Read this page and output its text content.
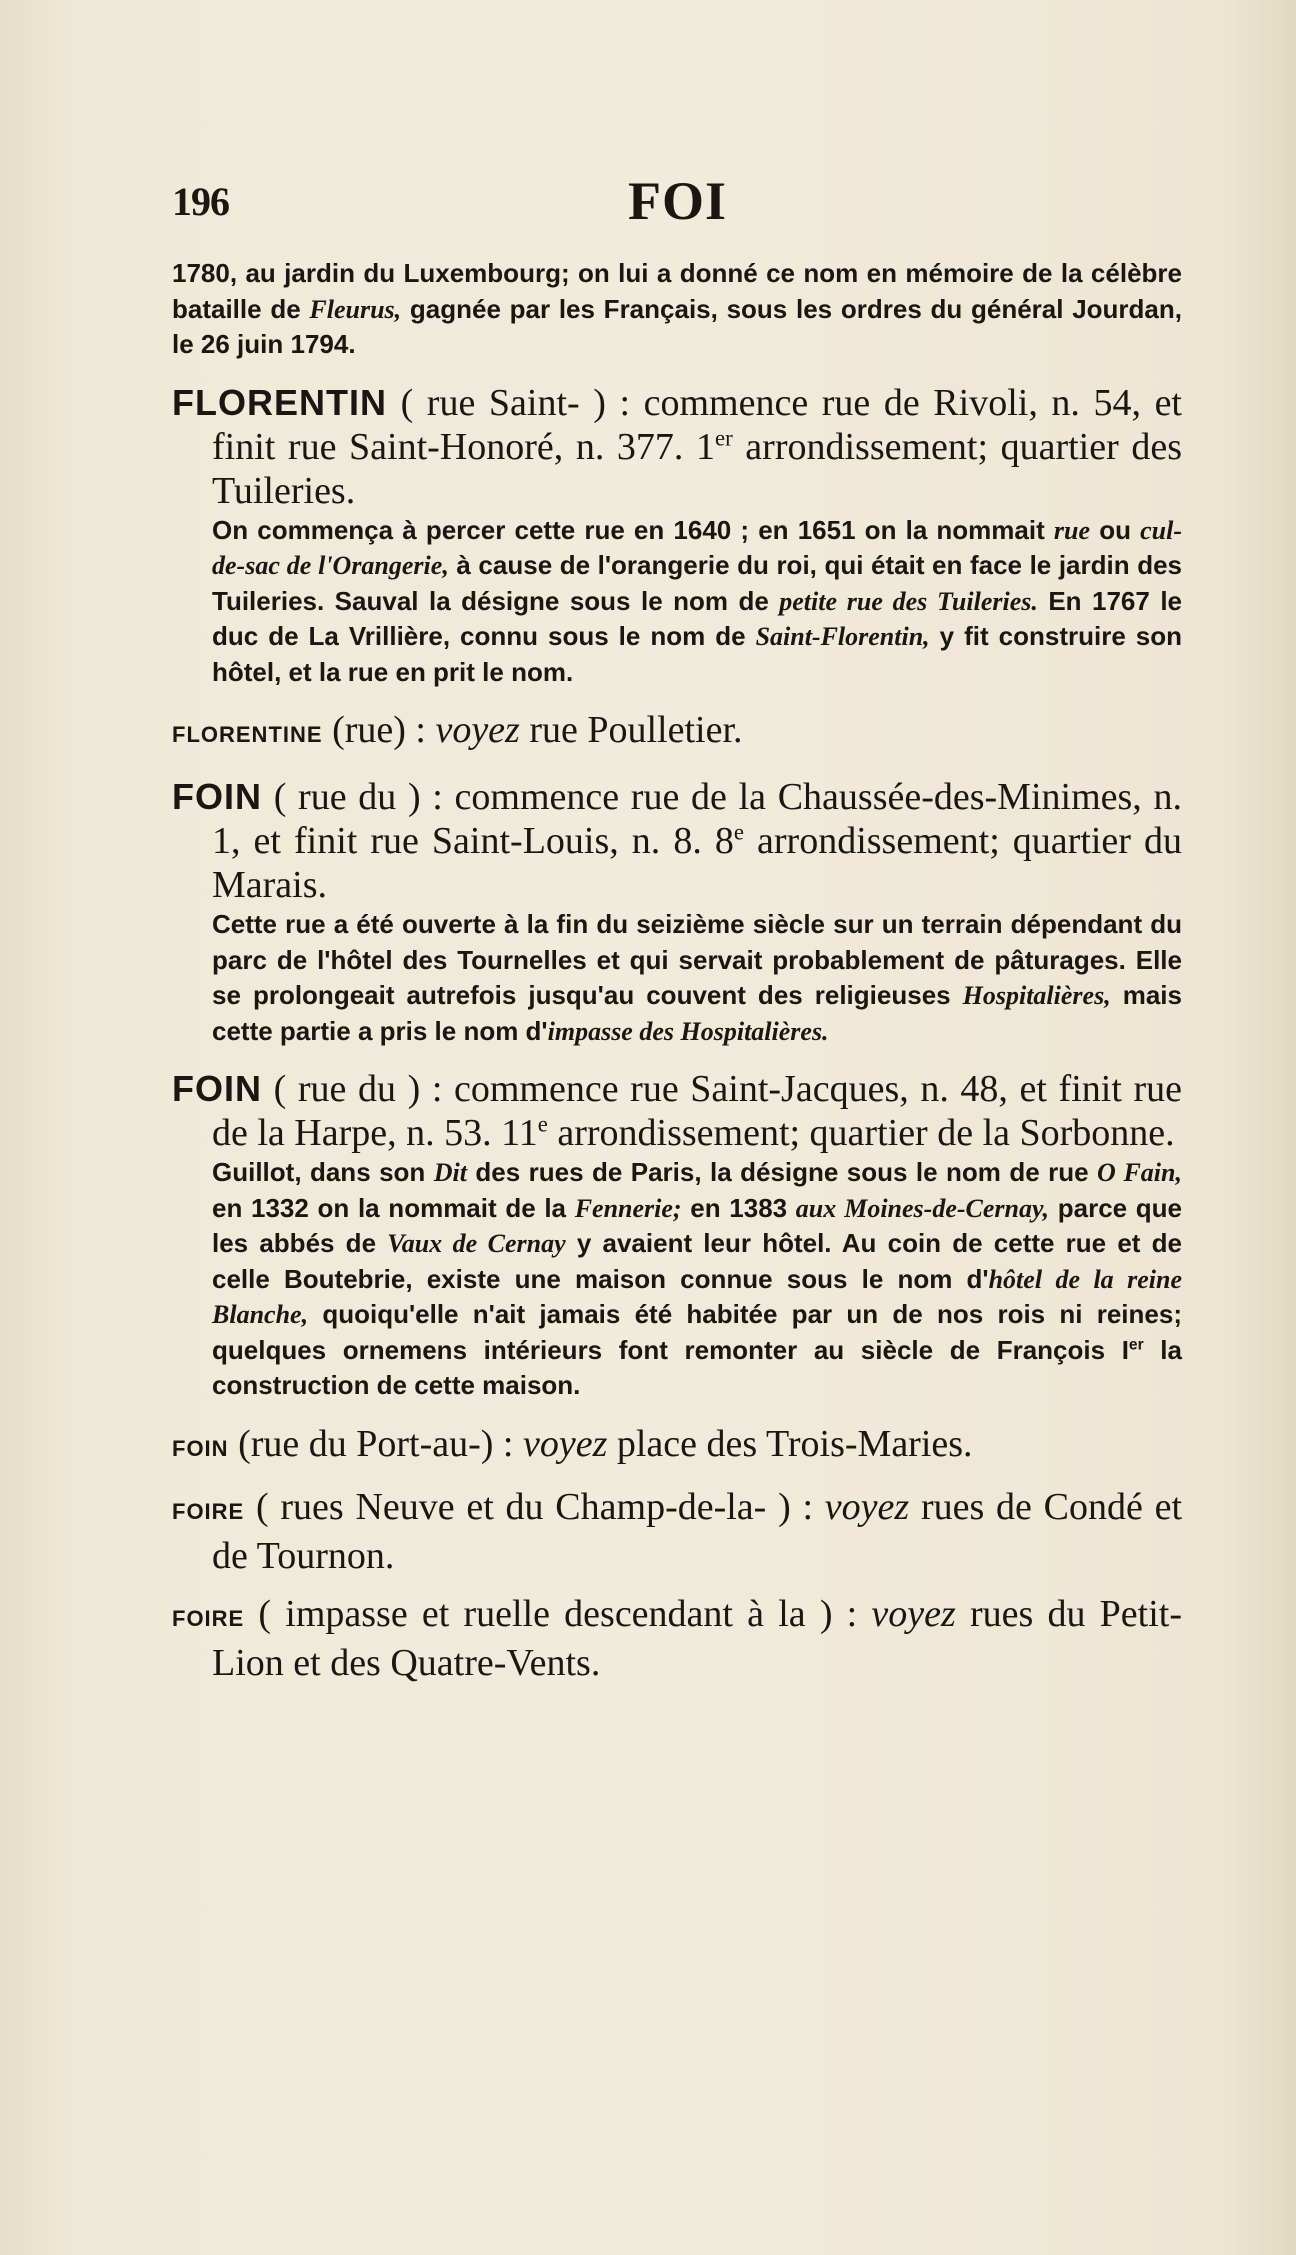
196	FOI

1780, au jardin du Luxembourg; on lui a donné ce nom en mémoire de la célèbre bataille de Fleurus, gagnée par les Français, sous les ordres du général Jourdan, le 26 juin 1794.

FLORENTIN ( rue Saint- ) : commence rue de Rivoli, n. 54, et finit rue Saint-Honoré, n. 377. 1er arrondissement; quartier des Tuileries.

On commença à percer cette rue en 1640 ; en 1651 on la nommait rue ou cul-de-sac de l'Orangerie, à cause de l'orangerie du roi, qui était en face le jardin des Tuileries. Sauval la désigne sous le nom de petite rue des Tuileries. En 1767 le duc de La Vrillière, connu sous le nom de Saint-Florentin, y fit construire son hôtel, et la rue en prit le nom.

FLORENTINE (rue) : voyez rue Poulletier.

FOIN ( rue du ) : commence rue de la Chaussée-des-Minimes, n. 1, et finit rue Saint-Louis, n. 8. 8e arrondissement; quartier du Marais.

Cette rue a été ouverte à la fin du seizième siècle sur un terrain dépendant du parc de l'hôtel des Tournelles et qui servait probablement de pâturages. Elle se prolongeait autrefois jusqu'au couvent des religieuses Hospitalières, mais cette partie a pris le nom d'impasse des Hospitalières.

FOIN ( rue du ) : commence rue Saint-Jacques, n. 48, et finit rue de la Harpe, n. 53. 11e arrondissement; quartier de la Sorbonne.

Guillot, dans son Dit des rues de Paris, la désigne sous le nom de rue O Fain, en 1332 on la nommait de la Fennerie; en 1383 aux Moines-de-Cernay, parce que les abbés de Vaux de Cernay y avaient leur hôtel. Au coin de cette rue et de celle Boutebrie, existe une maison connue sous le nom d'hôtel de la reine Blanche, quoiqu'elle n'ait jamais été habitée par un de nos rois ni reines; quelques ornemens intérieurs font remonter au siècle de François Ier la construction de cette maison.

FOIN (rue du Port-au-) : voyez place des Trois-Maries.

FOIRE ( rues Neuve et du Champ-de-la- ) : voyez rues de Condé et de Tournon.

FOIRE ( impasse et ruelle descendant à la ) : voyez rues du Petit-Lion et des Quatre-Vents.
